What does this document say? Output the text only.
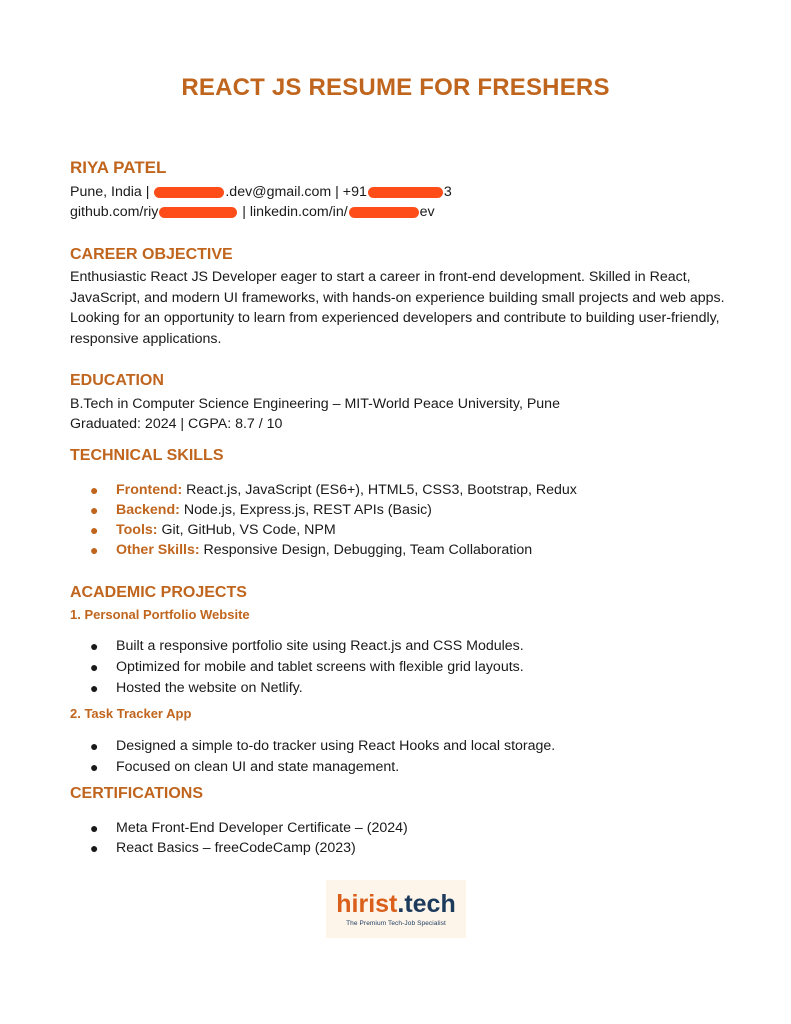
REACT JS RESUME FOR FRESHERS
RIYA PATEL
Pune, India |	.dev@gmail.com | +91	3
github.com/riy	| linkedin.com/in/	ev
CAREER OBJECTIVE
Enthusiastic React JS Developer eager to start a career in front-end development. Skilled in React, JavaScript, and modern UI frameworks, with hands-on experience building small projects and web apps. Looking for an opportunity to learn from experienced developers and contribute to building user-friendly, responsive applications.
EDUCATION
B.Tech in Computer Science Engineering – MIT-World Peace University, Pune
Graduated: 2024 | CGPA: 8.7 / 10
TECHNICAL SKILLS
● Frontend: React.js, JavaScript (ES6+), HTML5, CSS3, Bootstrap, Redux
● Backend: Node.js, Express.js, REST APIs (Basic)
● Tools: Git, GitHub, VS Code, NPM
● Other Skills: Responsive Design, Debugging, Team Collaboration
ACADEMIC PROJECTS
1. Personal Portfolio Website
● Built a responsive portfolio site using React.js and CSS Modules.
● Optimized for mobile and tablet screens with flexible grid layouts.
● Hosted the website on Netlify.
2. Task Tracker App
● Designed a simple to-do tracker using React Hooks and local storage.
● Focused on clean UI and state management.
CERTIFICATIONS
● Meta Front-End Developer Certificate – (2024)
● React Basics – freeCodeCamp (2023)
hirist.tech
The Premium Tech-Job Specialist
